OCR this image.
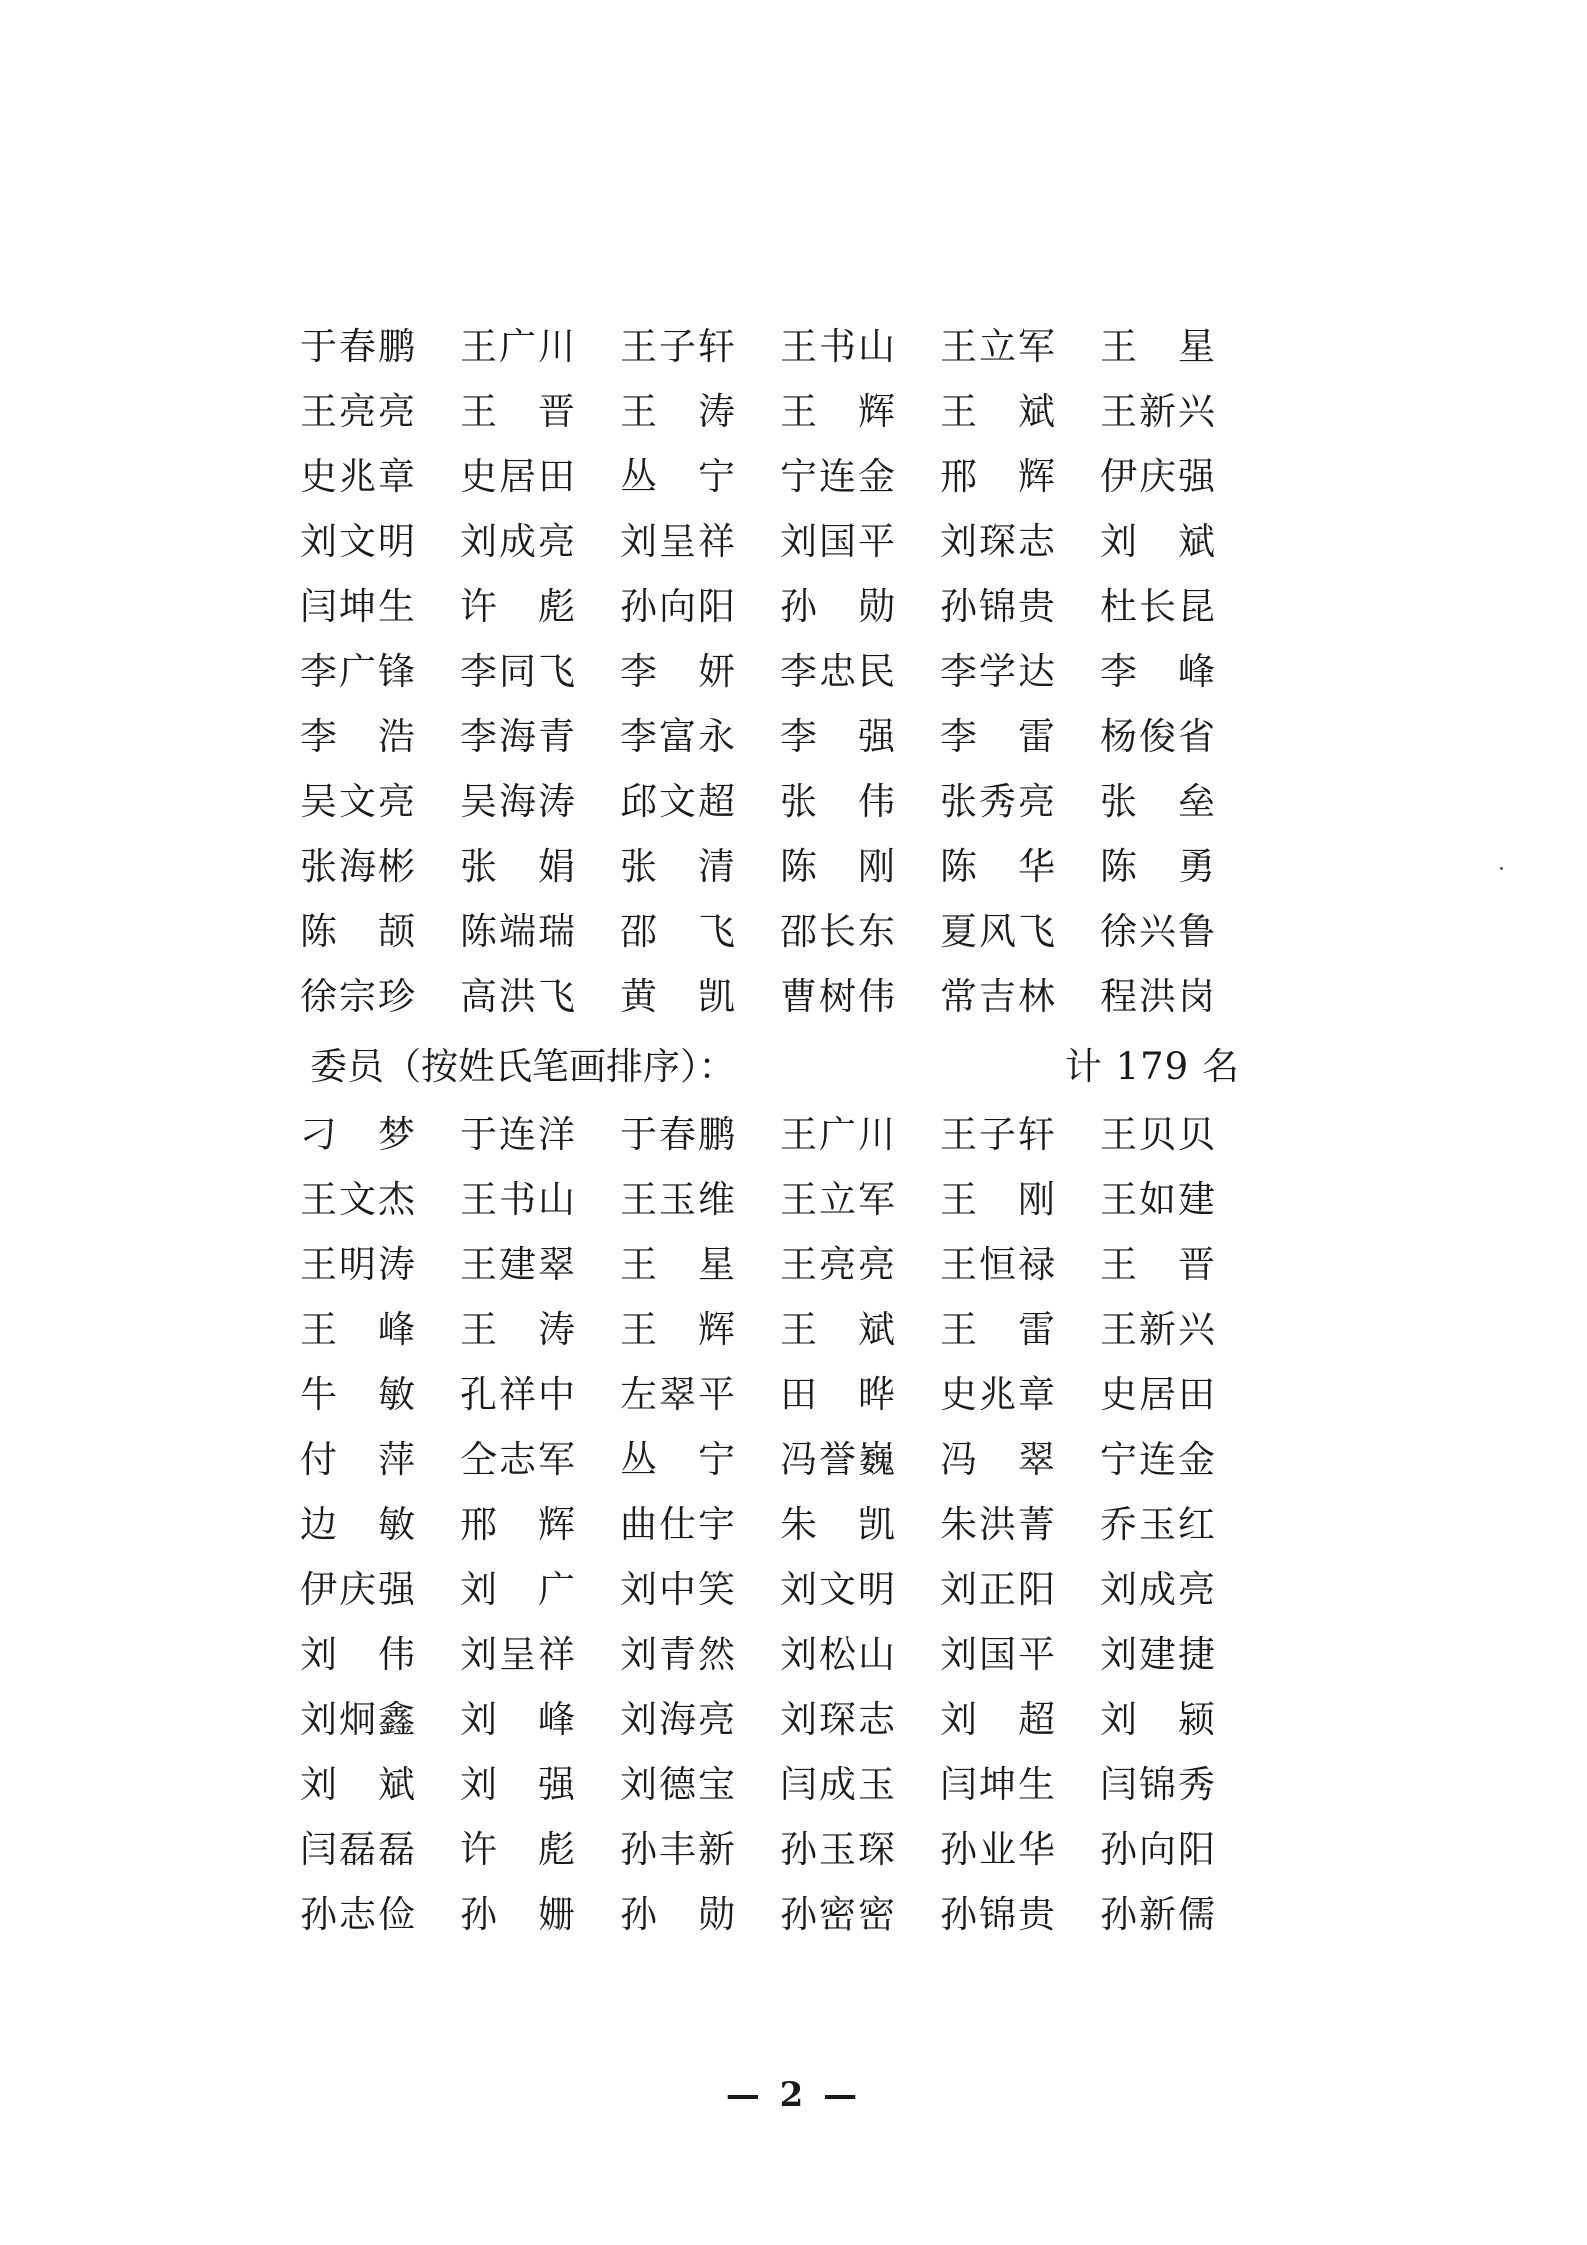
于春鹏	王广川	王子轩	王书山	王立军	王　星
王亮亮	王　晋	王　涛	王　辉	王　斌	王新兴
史兆章	史居田	丛　宁	宁连金	邢　辉	伊庆强
刘文明	刘成亮	刘呈祥	刘国平	刘琛志	刘　斌
闫坤生	许　彪	孙向阳	孙　勋	孙锦贵	杜长昆
李广锋	李同飞	李　妍	李忠民	李学达	李　峰
李　浩	李海青	李富永	李　强	李　雷	杨俊省
吴文亮	吴海涛	邱文超	张　伟	张秀亮	张　垒
张海彬	张　娟	张　清	陈　刚	陈　华	陈　勇
陈　颉	陈端瑞	邵　飞	邵长东	夏风飞	徐兴鲁
徐宗珍	高洪飞	黄　凯	曹树伟	常吉林	程洪岗
委员（按姓氏笔画排序）：	计 179 名
刁　梦	于连洋	于春鹏	王广川	王子轩	王贝贝
王文杰	王书山	王玉维	王立军	王　刚	王如建
王明涛	王建翠	王　星	王亮亮	王恒禄	王　晋
王　峰	王　涛	王　辉	王　斌	王　雷	王新兴
牛　敏	孔祥中	左翠平	田　晔	史兆章	史居田
付　萍	仝志军	丛　宁	冯誉巍	冯　翠	宁连金
边　敏	邢　辉	曲仕宇	朱　凯	朱洪菁	乔玉红
伊庆强	刘　广	刘中笑	刘文明	刘正阳	刘成亮
刘　伟	刘呈祥	刘青然	刘松山	刘国平	刘建捷
刘炯鑫	刘　峰	刘海亮	刘琛志	刘　超	刘　颍
刘　斌	刘　强	刘德宝	闫成玉	闫坤生	闫锦秀
闫磊磊	许　彪	孙丰新	孙玉琛	孙业华	孙向阳
孙志俭	孙　姗	孙　勋	孙密密	孙锦贵	孙新儒
— 2 —
